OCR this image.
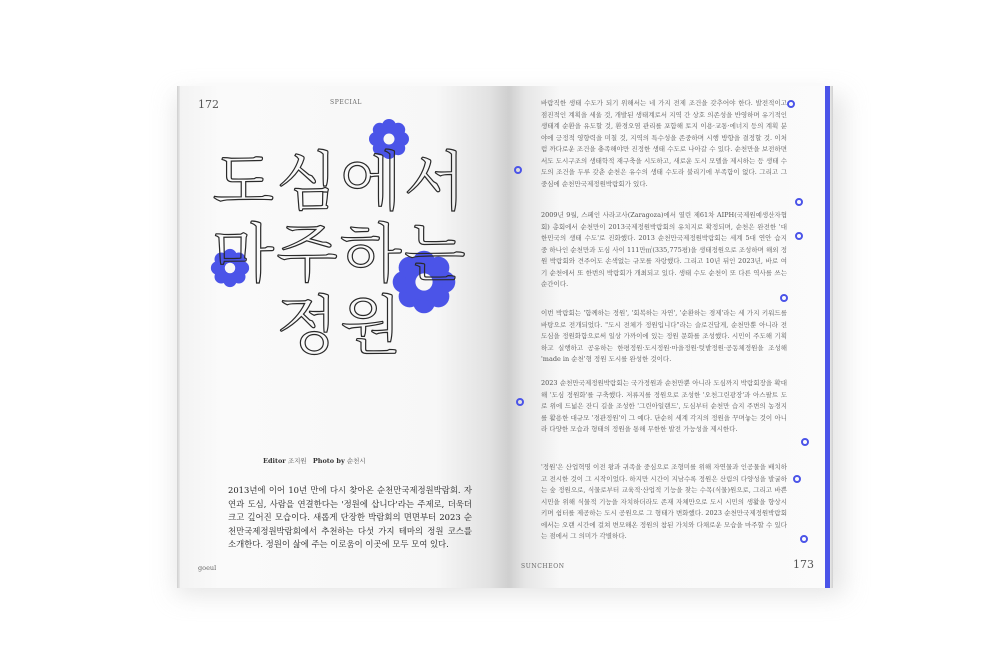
172	SPECIAL
도심에서
마주하는
정원
Editor 조지원 Photo by 순천시

2013년에 이어 10년 만에 다시 찾아온 순천만국제정원박람회. 자연과 도심, 사람을 연결한다는 '정원에 삽니다'라는 주제로, 더욱더 크고 깊어진 모습이다. 새롭게 단장한 박람회의 면면부터 2023 순천만국제정원박람회에서 추천하는 다섯 가지 테마의 정원 코스를 소개한다. 정원이 삶에 주는 이로움이 이곳에 모두 모여 있다.

goeul

바람직한 생태 수도가 되기 위해서는 네 가지 전제 조건을 갖추어야 한다. 발전적이고 점진적인 계획을 세울 것, 개발된 생태계로서 지역 간 상호 의존성을 반영하며 유기적인 생태계 순환을 유도할 것, 환경오염 관리를 포함해 토지 이용·교통·에너지 등의 계획 분야에 긍정적 영향력을 미칠 것, 지역의 특수성을 존중하며 시행 방향을 결정할 것. 이처럼 까다로운 조건을 충족해야만 진정한 생태 수도로 나아갈 수 있다. 순천만을 보전하면서도 도시구조의 생태학적 재구축을 시도하고, 새로운 도시 모델을 제시하는 등 생태 수도의 조건을 두루 갖춘 순천은 유수의 생태 수도라 불리기에 부족함이 없다. 그리고 그 중심에 순천만국제정원박람회가 있다.

2009년 9월, 스페인 사라고사(Zaragoza)에서 열린 제61차 AIPH(국제원예생산자협회) 총회에서 순천만이 2013국제정원박람회의 유치지로 확정되며, 순천은 완전한 '대한민국의 생태 수도'로 진화했다. 2013 순천만국제정원박람회는 세계 5대 연안 습지 중 하나인 순천만과 도심 사이 111만㎡(335,775평)을 생태정원으로 조성하며 해외 정원 박람회와 견주어도 손색없는 규모를 자랑했다. 그리고 10년 뒤인 2023년, 바로 여기 순천에서 또 한번의 박람회가 개최되고 있다. 생태 수도 순천이 또 다른 역사를 쓰는 순간이다.

이번 박람회는 '함께하는 정원', '회복하는 자연', '순환하는 경제'라는 세 가지 키워드를 바탕으로 전개되었다. "도시 전체가 정원입니다"라는 슬로건답게, 순천만뿐 아니라 전 도심을 정원화함으로써 일상 가까이에 있는 정원 문화를 조성했다. 시민이 주도해 기획하고 실행하고 공유하는 한평정원·도시정원·마을정원·텃밭정원·공동체정원을 조성해 'made in 순천'형 정원 도시를 완성한 것이다.

2023 순천만국제정원박람회는 국가정원과 순천만뿐 아니라 도심까지 박람회장을 확대해 '도심 정원화'를 구축했다. 저류지를 정원으로 조성한 '오천그린광장'과 아스팔트 도로 위에 드넓은 잔디 길을 조성한 '그린아일랜드', 도심부터 순천만 습지 주변의 농경지를 활용한 대규모 '경관정원'이 그 예다. 단순히 세계 각지의 정원을 꾸며놓는 것이 아니라 다양한 모습과 형태의 정원을 통해 무한한 발전 가능성을 제시한다.

'정원'은 산업혁명 이전 왕과 귀족을 중심으로 조형미를 위해 자연물과 인공물을 배치하고 전시한 것이 그 시작이었다. 하지만 시간이 지남수록 정원은 산림의 다양성을 발굴하는 숲 정원으로, 식물로부터 교육적·산업적 기능을 찾는 수목(식물)원으로, 그리고 바쁜 시민을 위해 식물적 기능을 자치하더라도 존재 자체만으로 도시 시민의 생활을 향상시키며 쉼터를 제공하는 도시 공원으로 그 형태가 변화했다. 2023 순천만국제정원박람회에서는 오랜 시간에 걸쳐 변모해온 정원의 참된 가치와 다채로운 모습을 마주할 수 있다는 점에서 그 의미가 각별하다.

SUNCHEON	173
